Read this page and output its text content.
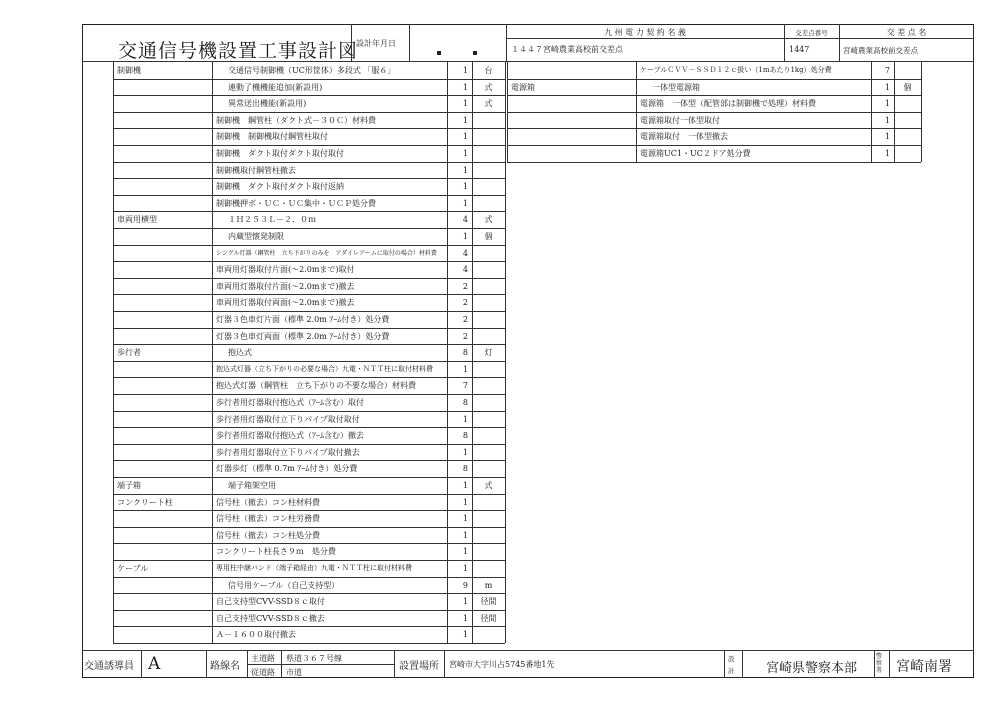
交通信号機設置工事設計図
設計年月日
九 州 電 力 契 約 名 義
１４４７宮崎農業高校前交差点
交差点番号
1447
交 差 点 名
宮崎農業高校前交差点
制御機	交通信号制御機（UC形筐体）多段式 「服６」	1	台
連動了機機能追加(新設用)	1	式
異常送出機能(新設用)	1	式
制御機　鋼管柱（ダクト式－３０Ｃ）材料費	1
制御機　制御機取付鋼管柱取付	1
制御機　ダクト取付ダクト取付取付	1
制御機取付鋼管柱撤去	1
制御機　ダクト取付ダクト取付返納	1
制御機押ボ・ＵＣ・ＵＣ集中・ＵＣＰ処分費	1
車両用横型	１Ｈ２５３Ｌ－２．０ｍ	4	式
内蔵型懐発制限	1	個
シングル灯器（鋼管柱　立ち下がりのみを　アダイレアームに取付の場合）材料費	4
車両用灯器取付片面(～2.0mまで)取付	4
車両用灯器取付片面(～2.0mまで)撤去	2
車両用灯器取付両面(～2.0mまで)撤去	2
灯器３色車灯片面（標準 2.0m ｱｰﾑ付き）処分費	2
灯器３色車灯両面（標準 2.0m ｱｰﾑ付き）処分費	2
歩行者	抱込式	8	灯
抱込式灯器（立ち下がりの必要な場合）九電・ＮＴＴ柱に取付材料費	1
抱込式灯器（鋼管柱　立ち下がりの不要な場合）材料費	7
歩行者用灯器取付抱込式（ｱｰﾑ含む）取付	8
歩行者用灯器取付立下りパイプ取付取付	1
歩行者用灯器取付抱込式（ｱｰﾑ含む）撤去	8
歩行者用灯器取付立下りパイプ取付撤去	1
灯器歩灯（標準 0.7m ｱｰﾑ付き）処分費	8
端子箱	端子箱架空用	1	式
コンクリート柱	信号柱（撤去）コン柱材料費	1
信号柱（撤去）コン柱労務費	1
信号柱（撤去）コン柱処分費	1
コンクリート柱長さ９ｍ　処分費	1
ケーブル	専用柱中継バンド（端子箱経由）九電・ＮＴＴ柱に取付材料費	1
信号用ケーブル（自己支持型）	9	m
自己支持型CVV-SSD８ｃ取付	1	径間
自己支持型CVV-SSD８ｃ撤去	1	径間
Ａ－１６００取付撤去	1
ケーブルＣＶＶ－ＳＳＤ１２ｃ扱い（1mあたり1kg）処分費	7
電源箱	一体型電源箱	1	個
電源箱　一体型（配管部は制御機で処理）材料費	1
電源箱取付一体型取付	1
電源箱取付　一体型撤去	1
電源箱UC1・UC２ドア処分費	1
交通誘導員 A	路線名
主道路
従道路
県道３６７号線
市道
設置場所 宮崎市大字川占5745番地1先
設
計 宮崎県警察本部
警察署 宮崎南署
